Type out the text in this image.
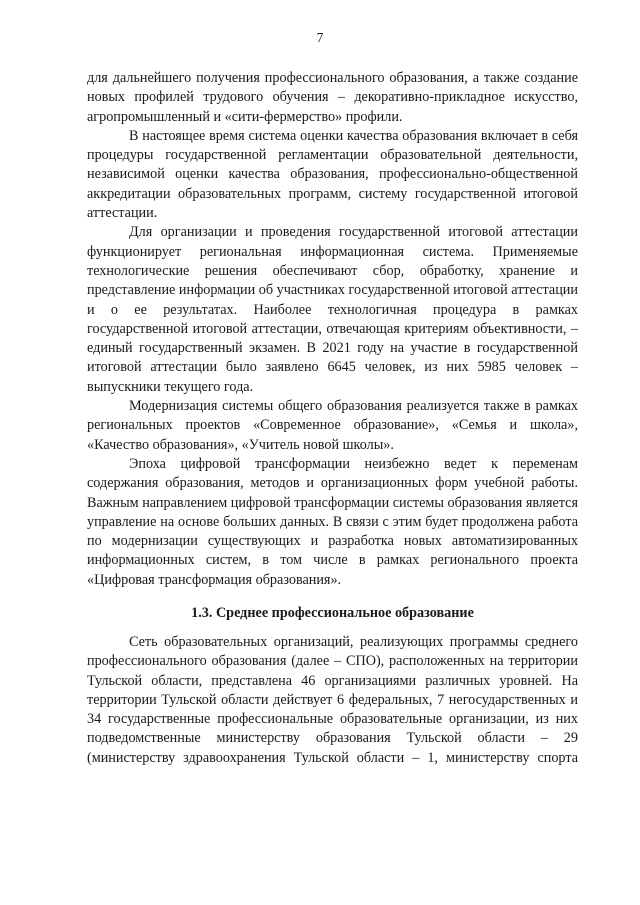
7

для дальнейшего получения профессионального образования, а также создание новых профилей трудового обучения – декоративно-прикладное искусство, агропромышленный и «сити-фермерство» профили.

В настоящее время система оценки качества образования включает в себя процедуры государственной регламентации образовательной деятельности, независимой оценки качества образования, профессионально-общественной аккредитации образовательных программ, систему государственной итоговой аттестации.

Для организации и проведения государственной итоговой аттестации функционирует региональная информационная система. Применяемые технологические решения обеспечивают сбор, обработку, хранение и представление информации об участниках государственной итоговой аттестации и о ее результатах. Наиболее технологичная процедура в рамках государственной итоговой аттестации, отвечающая критериям объективности, – единый государственный экзамен. В 2021 году на участие в государственной итоговой аттестации было заявлено 6645 человек, из них 5985 человек – выпускники текущего года.

Модернизация системы общего образования реализуется также в рамках региональных проектов «Современное образование», «Семья и школа», «Качество образования», «Учитель новой школы».

Эпоха цифровой трансформации неизбежно ведет к переменам содержания образования, методов и организационных форм учебной работы. Важным направлением цифровой трансформации системы образования является управление на основе больших данных. В связи с этим будет продолжена работа по модернизации существующих и разработка новых автоматизированных информационных систем, в том числе в рамках регионального проекта «Цифровая трансформация образования».

1.3. Среднее профессиональное образование

Сеть образовательных организаций, реализующих программы среднего профессионального образования (далее – СПО), расположенных на территории Тульской области, представлена 46 организациями различных уровней. На территории Тульской области действует 6 федеральных, 7 негосударственных и 34 государственные профессиональные образовательные организации, из них подведомственные министерству образования Тульской области – 29 (министерству здравоохранения Тульской области – 1, министерству спорта
